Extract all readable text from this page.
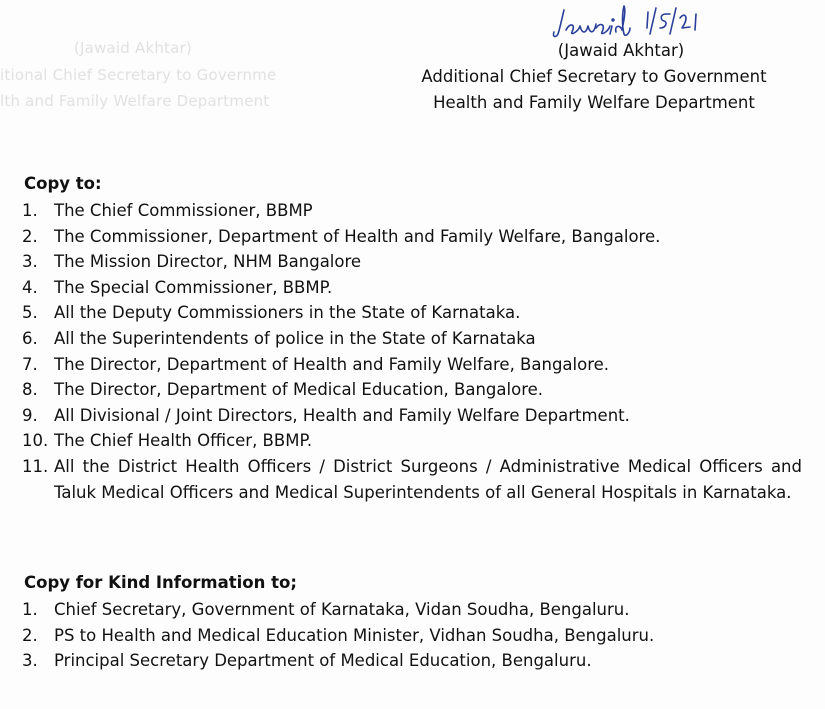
(Jawaid Akhtar)
itional Chief Secretary to Governme
lth and Family Welfare Department
(Jawaid Akhtar)
Additional Chief Secretary to Government
Health and Family Welfare Department
Copy to:
1. The Chief Commissioner, BBMP
2. The Commissioner, Department of Health and Family Welfare, Bangalore.
3. The Mission Director, NHM Bangalore
4. The Special Commissioner, BBMP.
5. All the Deputy Commissioners in the State of Karnataka.
6. All the Superintendents of police in the State of Karnataka
7. The Director, Department of Health and Family Welfare, Bangalore.
8. The Director, Department of Medical Education, Bangalore.
9. All Divisional / Joint Directors, Health and Family Welfare Department.
10. The Chief Health Officer, BBMP.
11. All the District Health Officers / District Surgeons / Administrative Medical Officers and Taluk Medical Officers and Medical Superintendents of all General Hospitals in Karnataka.
Copy for Kind Information to;
1. Chief Secretary, Government of Karnataka, Vidan Soudha, Bengaluru.
2. PS to Health and Medical Education Minister, Vidhan Soudha, Bengaluru.
3. Principal Secretary Department of Medical Education, Bengaluru.
